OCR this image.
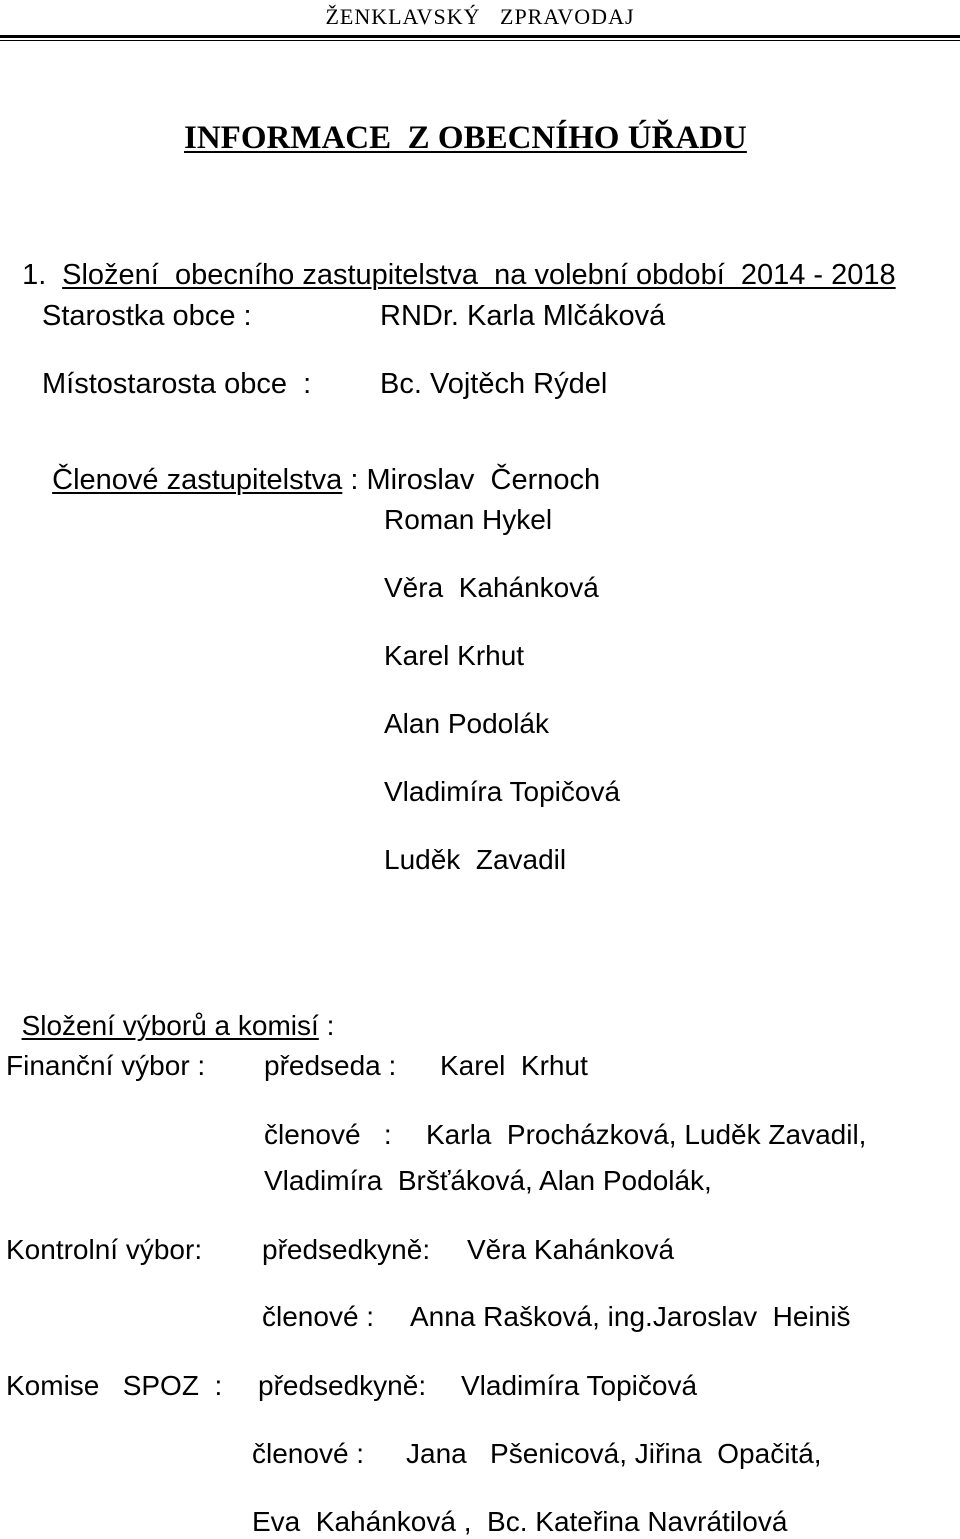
ŽENKLAVSKÝ   ZPRAVODAJ
INFORMACE  Z OBECNÍHO ÚŘADU

1. Složení  obecního zastupitelstva  na volební období  2014 - 2018

Starostka obce :	RNDr. Karla Mlčáková
Místostarosta obce  : Bc. Vojtěch Rýdel

Členové zastupitelstva : Miroslav  Černoch

Roman Hykel
Věra  Kahánková
Karel Krhut
Alan Podolák
Vladimíra Topičová
Luděk  Zavadil

Složení výborů a komisí :

Finanční výbor : předseda : Karel  Krhut
členové   : Karla  Procházková, Luděk Zavadil,
Vladimíra  Bršťáková, Alan Podolák,
Kontrolní výbor: předsedkyně: Věra Kahánková
členové : Anna Rašková, ing.Jaroslav  Heiniš
Komise   SPOZ  : předsedkyně: Vladimíra Topičová
členové : Jana   Pšenicová, Jiřina  Opačitá,
Eva  Kahánková ,  Bc. Kateřina Navrátilová
